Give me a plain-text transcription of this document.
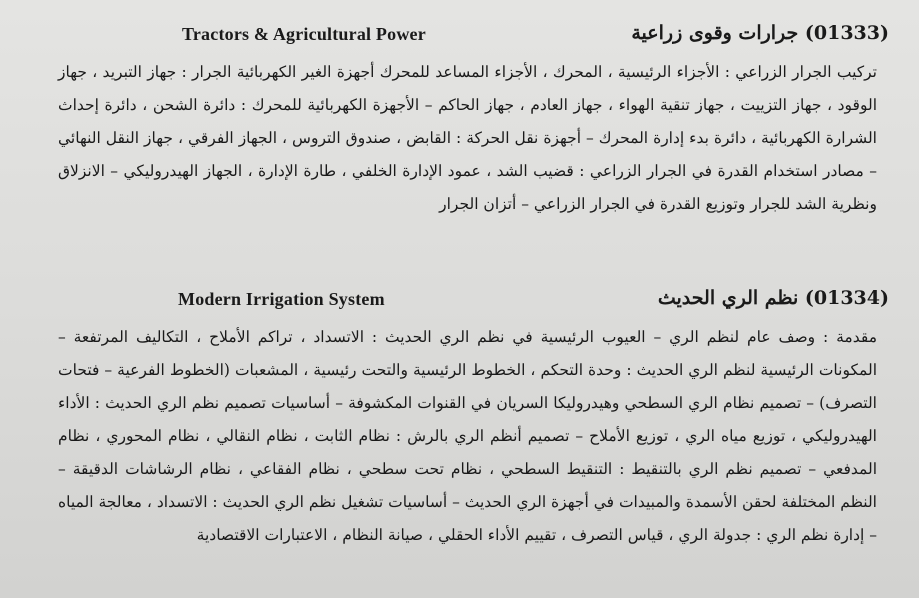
Tractors & Agricultural Power	(01333) جرارات وقوى زراعية

تركيب الجرار الزراعي : الأجزاء الرئيسية ، المحرك ، الأجزاء المساعد للمحرك أجهزة الغير الكهربائية الجرار : جهاز التبريد ، جهاز الوقود ، جهاز التزييت ، جهاز تنقية الهواء ، جهاز العادم ، جهاز الحاكم – الأجهزة الكهربائية للمحرك : دائرة الشحن ، دائرة إحداث الشرارة الكهربائية ، دائرة بدء إدارة المحرك – أجهزة نقل الحركة : القابض ، صندوق التروس ، الجهاز الفرقي ، جهاز النقل النهائي – مصادر استخدام القدرة في الجرار الزراعي : قضيب الشد ، عمود الإدارة الخلفي ، طارة الإدارة ، الجهاز الهيدروليكي – الانزلاق ونظرية الشد للجرار وتوزيع القدرة في الجرار الزراعي – أتزان الجرار

Modern Irrigation System	(01334) نظم الري الحديث

مقدمة : وصف عام لنظم الري – العيوب الرئيسية في نظم الري الحديث : الاتسداد ، تراكم الأملاح ، التكاليف المرتفعة – المكونات الرئيسية لنظم الري الحديث : وحدة التحكم ، الخطوط الرئيسية والتحت رئيسية ، المشعبات (الخطوط الفرعية – فتحات التصرف) – تصميم نظام الري السطحي وهيدروليكا السريان في القنوات المكشوفة – أساسيات تصميم نظم الري الحديث : الأداء الهيدروليكي ، توزيع مياه الري ، توزيع الأملاح – تصميم أنظم الري بالرش : نظام الثابت ، نظام النقالي ، نظام المحوري ، نظام المدفعي – تصميم نظم الري بالتنقيط : التنقيط السطحي ، نظام تحت سطحي ، نظام الفقاعي ، نظام الرشاشات الدقيقة – النظم المختلفة لحقن الأسمدة والمبيدات في أجهزة الري الحديث – أساسيات تشغيل نظم الري الحديث : الاتسداد ، معالجة المياه – إدارة نظم الري : جدولة الري ، قياس التصرف ، تقييم الأداء الحقلي ، صيانة النظام ، الاعتبارات الاقتصادية
